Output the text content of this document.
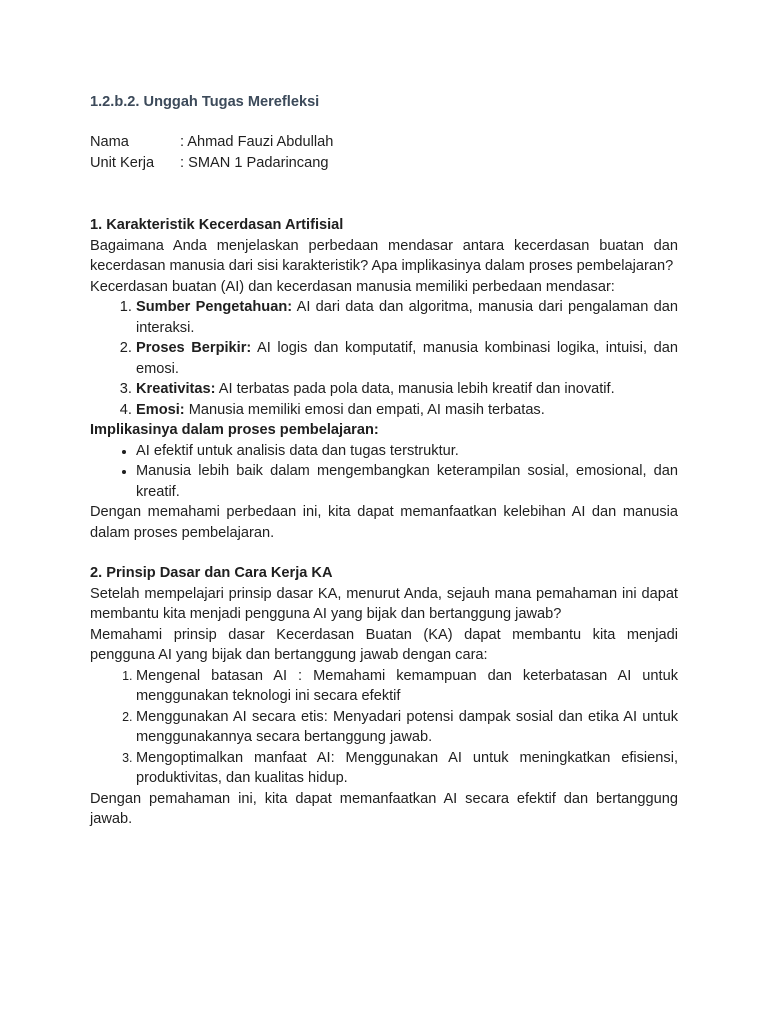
1.2.b.2. Unggah Tugas Merefleksi
Nama	: Ahmad Fauzi Abdullah
Unit Kerja	: SMAN 1 Padarincang
1. Karakteristik Kecerdasan Artifisial

Bagaimana Anda menjelaskan perbedaan mendasar antara kecerdasan buatan dan kecerdasan manusia dari sisi karakteristik? Apa implikasinya dalam proses pembelajaran?

Kecerdasan buatan (AI) dan kecerdasan manusia memiliki perbedaan mendasar:

1. Sumber Pengetahuan: AI dari data dan algoritma, manusia dari pengalaman dan interaksi.
2. Proses Berpikir: AI logis dan komputatif, manusia kombinasi logika, intuisi, dan emosi.
3. Kreativitas: AI terbatas pada pola data, manusia lebih kreatif dan inovatif.
4. Emosi: Manusia memiliki emosi dan empati, AI masih terbatas.

Implikasinya dalam proses pembelajaran:

• AI efektif untuk analisis data dan tugas terstruktur.
• Manusia lebih baik dalam mengembangkan keterampilan sosial, emosional, dan kreatif.

Dengan memahami perbedaan ini, kita dapat memanfaatkan kelebihan AI dan manusia dalam proses pembelajaran.

2. Prinsip Dasar dan Cara Kerja KA

Setelah mempelajari prinsip dasar KA, menurut Anda, sejauh mana pemahaman ini dapat membantu kita menjadi pengguna AI yang bijak dan bertanggung jawab?

Memahami prinsip dasar Kecerdasan Buatan (KA) dapat membantu kita menjadi pengguna AI yang bijak dan bertanggung jawab dengan cara:

1. Mengenal batasan AI : Memahami kemampuan dan keterbatasan AI untuk menggunakan teknologi ini secara efektif
2. Menggunakan AI secara etis: Menyadari potensi dampak sosial dan etika AI untuk menggunakannya secara bertanggung jawab.
3. Mengoptimalkan manfaat AI: Menggunakan AI untuk meningkatkan efisiensi, produktivitas, dan kualitas hidup.

Dengan pemahaman ini, kita dapat memanfaatkan AI secara efektif dan bertanggung jawab.
